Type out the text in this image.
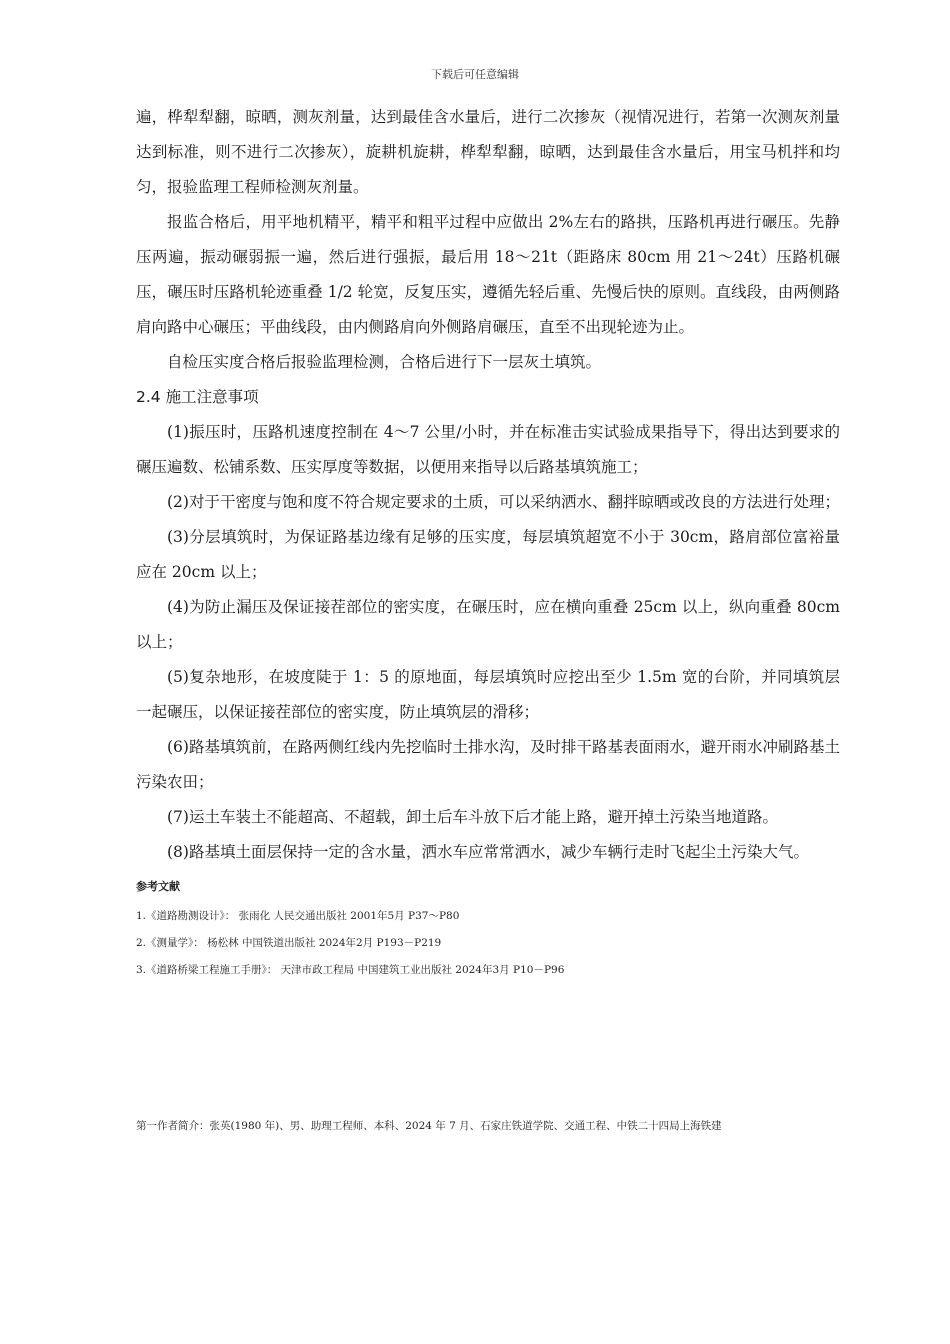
下载后可任意编辑

遍，桦犁犁翻，晾晒，测灰剂量，达到最佳含水量后，进行二次掺灰（视情况进行，若第一次测灰剂量达到标准，则不进行二次掺灰），旋耕机旋耕，桦犁犁翻，晾晒，达到最佳含水量后，用宝马机拌和均匀，报验监理工程师检测灰剂量。

报监合格后，用平地机精平，精平和粗平过程中应做出 2%左右的路拱，压路机再进行碾压。先静压两遍，振动碾弱振一遍，然后进行强振，最后用 18～21t（距路床 80cm 用 21～24t）压路机碾压，碾压时压路机轮迹重叠 1/2 轮宽，反复压实，遵循先轻后重、先慢后快的原则。直线段，由两侧路肩向路中心碾压；平曲线段，由内侧路肩向外侧路肩碾压，直至不出现轮迹为止。

自检压实度合格后报验监理检测，合格后进行下一层灰土填筑。

2.4 施工注意事项

(1)振压时，压路机速度控制在 4～7 公里/小时，并在标准击实试验成果指导下，得出达到要求的碾压遍数、松铺系数、压实厚度等数据，以便用来指导以后路基填筑施工；

(2)对于干密度与饱和度不符合规定要求的土质，可以采纳洒水、翻拌晾晒或改良的方法进行处理；

(3)分层填筑时，为保证路基边缘有足够的压实度，每层填筑超宽不小于 30cm，路肩部位富裕量应在 20cm 以上；

(4)为防止漏压及保证接茬部位的密实度，在碾压时，应在横向重叠 25cm 以上，纵向重叠 80cm 以上；

(5)复杂地形，在坡度陡于 1：5 的原地面，每层填筑时应挖出至少 1.5m 宽的台阶，并同填筑层一起碾压，以保证接茬部位的密实度，防止填筑层的滑移；

(6)路基填筑前，在路两侧红线内先挖临时土排水沟，及时排干路基表面雨水，避开雨水冲刷路基土污染农田；

(7)运土车装土不能超高、不超载，卸土后车斗放下后才能上路，避开掉土污染当地道路。

(8)路基填土面层保持一定的含水量，洒水车应常常洒水，减少车辆行走时飞起尘土污染大气。

参考文献

1.《道路勘测设计》： 张雨化 人民交通出版社 2001年5月 P37～P80

2.《测量学》： 杨松林 中国铁道出版社 2024年2月 P193－P219

3.《道路桥梁工程施工手册》： 天津市政工程局 中国建筑工业出版社 2024年3月 P10－P96

第一作者简介：张英(1980 年)、男、助理工程师、本科、2024 年 7 月、石家庄铁道学院、交通工程、中铁二十四局上海铁建
